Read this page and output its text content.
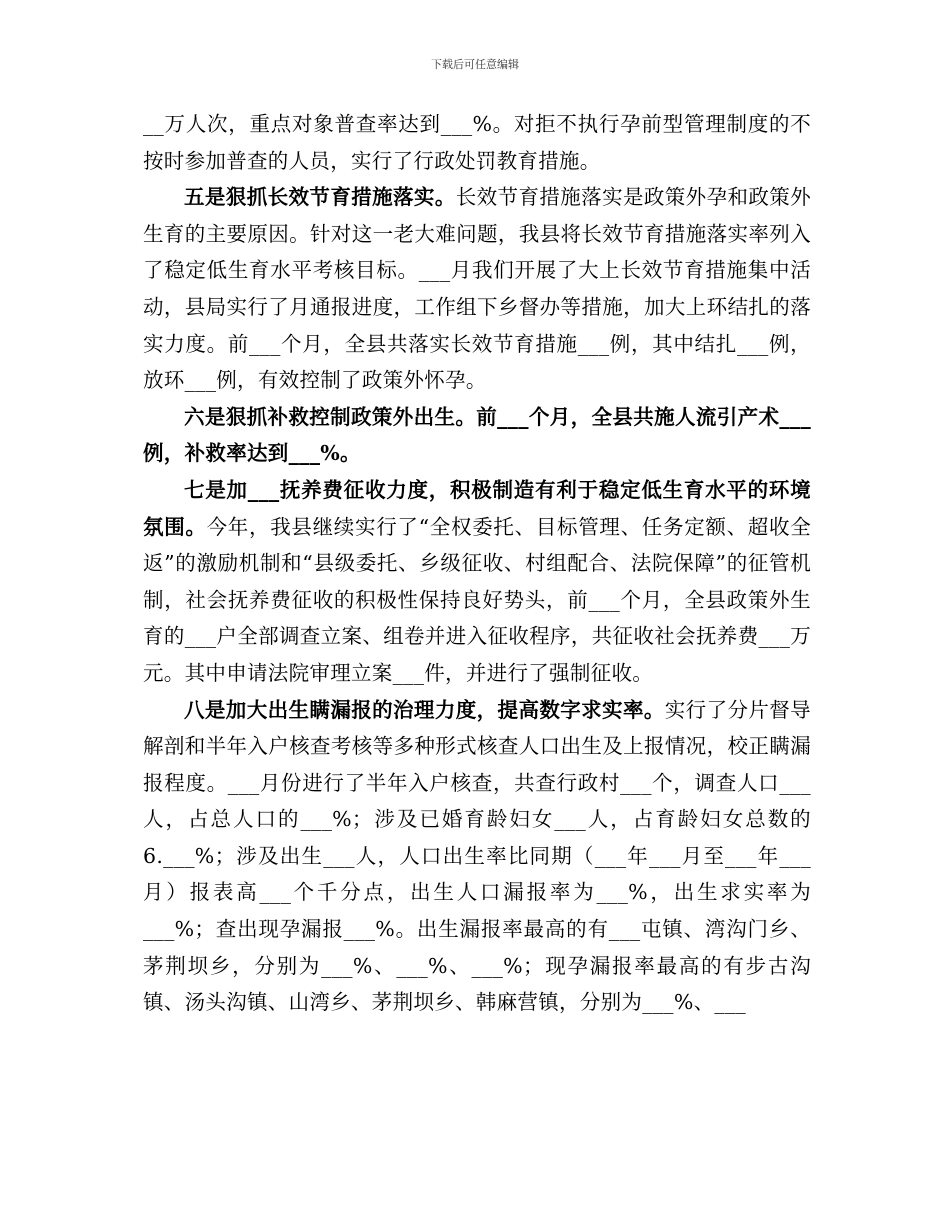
下载后可任意编辑

__万人次，重点对象普查率达到___%。对拒不执行孕前型管理制度的不按时参加普查的人员，实行了行政处罚教育措施。

五是狠抓长效节育措施落实。长效节育措施落实是政策外孕和政策外生育的主要原因。针对这一老大难问题，我县将长效节育措施落实率列入了稳定低生育水平考核目标。___月我们开展了大上长效节育措施集中活动，县局实行了月通报进度，工作组下乡督办等措施，加大上环结扎的落实力度。前___个月，全县共落实长效节育措施___例，其中结扎___例，放环___例，有效控制了政策外怀孕。

六是狠抓补救控制政策外出生。前___个月，全县共施人流引产术___例，补救率达到___%。

七是加___抚养费征收力度，积极制造有利于稳定低生育水平的环境氛围。今年，我县继续实行了“全权委托、目标管理、任务定额、超收全返”的激励机制和“县级委托、乡级征收、村组配合、法院保障”的征管机制，社会抚养费征收的积极性保持良好势头，前___个月，全县政策外生育的___户全部调查立案、组卷并进入征收程序，共征收社会抚养费___万元。其中申请法院审理立案___件，并进行了强制征收。

八是加大出生瞒漏报的治理力度，提高数字求实率。实行了分片督导解剖和半年入户核查考核等多种形式核查人口出生及上报情况，校正瞒漏报程度。___月份进行了半年入户核查，共查行政村___个，调查人口___人，占总人口的___%；涉及已婚育龄妇女___人，占育龄妇女总数的6.___%；涉及出生___人，人口出生率比同期（___年___月至___年___月）报表高___个千分点，出生人口漏报率为___%，出生求实率为___%；查出现孕漏报___%。出生漏报率最高的有___屯镇、湾沟门乡、茅荆坝乡，分别为___%、___%、___%；现孕漏报率最高的有步古沟镇、汤头沟镇、山湾乡、茅荆坝乡、韩麻营镇，分别为___%、___
